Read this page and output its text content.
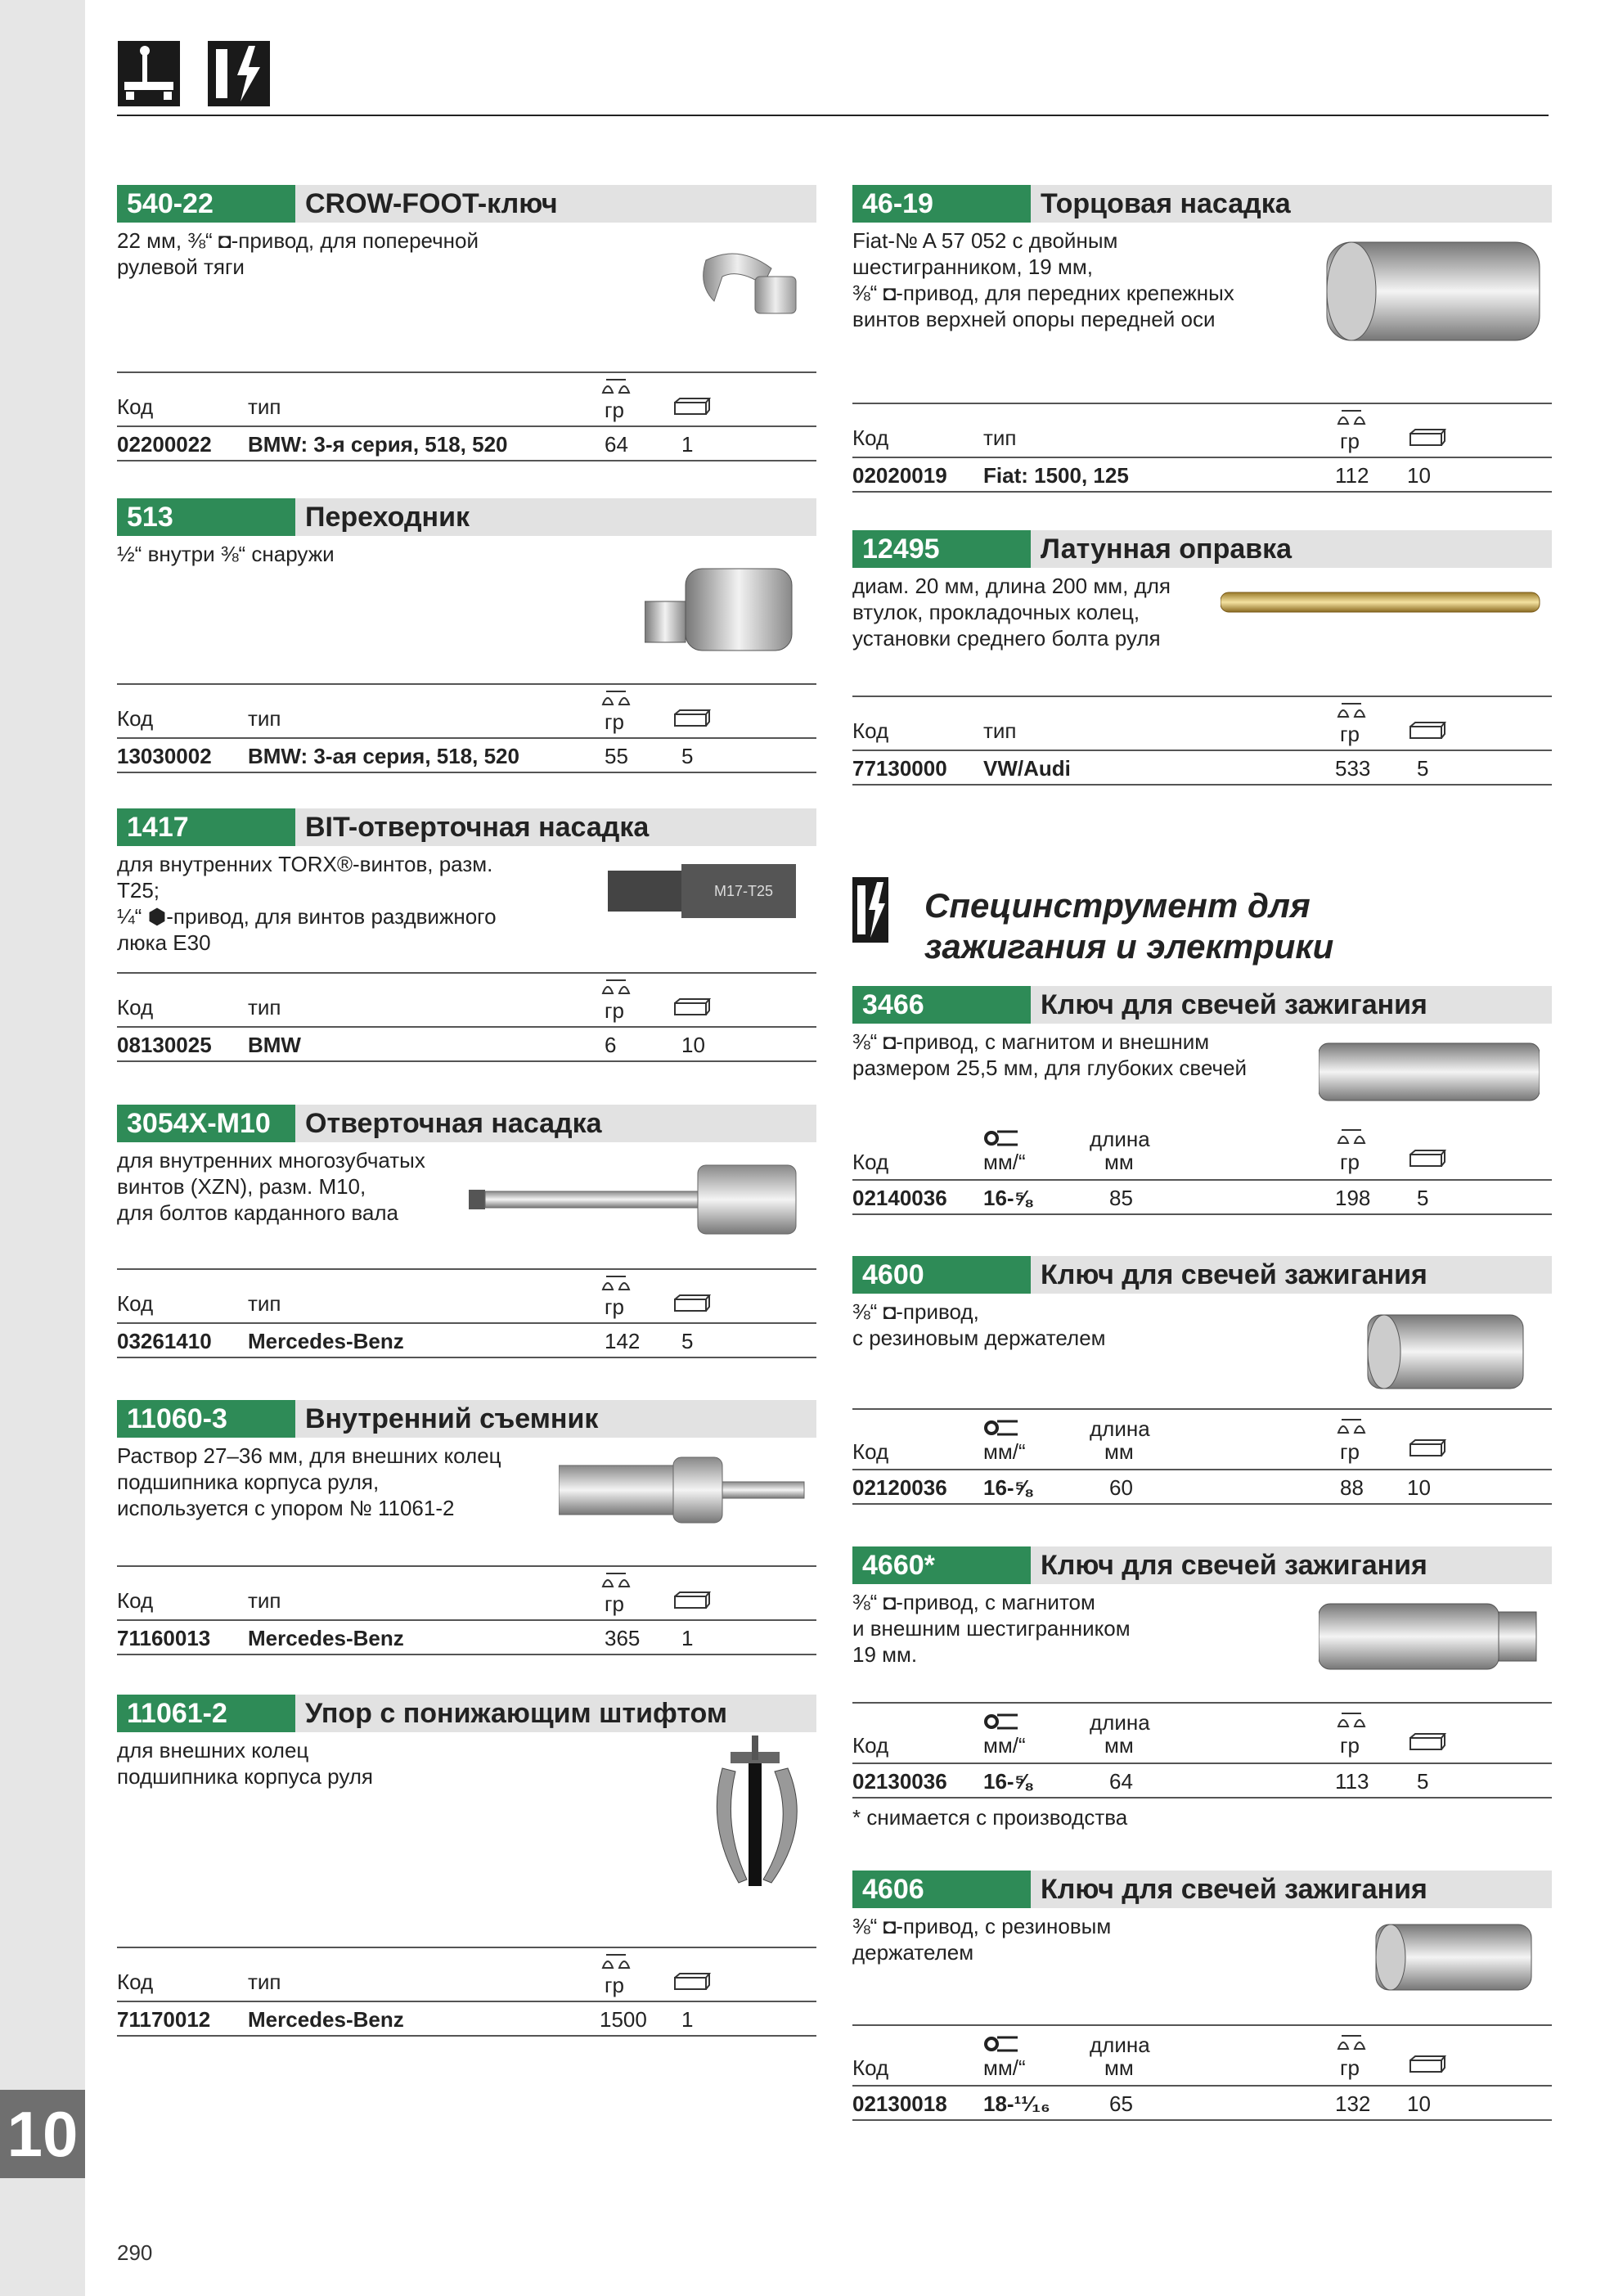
10
290
540-22	CROW-FOOT-ключ
22 мм, ⅜“ ◘-привод, для поперечной рулевой тяги
Код	тип	гр
02200022 BMW: 3-я серия, 518, 520	64	1
513	Переходник
½“ внутри ⅜“ снаружи
Код	тип	гр
13030002 BMW: 3-ая серия, 518, 520	55	5
1417	BIT-отверточная насадка
для внутренних TORX®-винтов, разм. T25;
¼“ ⬢-привод, для винтов раздвижного
люка E30
M17-T25
Код	тип	гр
08130025 BMW	6	10
3054X-M10	Отверточная насадка
для внутренних многозубчатых
винтов (XZN), разм. M10,
для болтов карданного вала
Код	тип	гр
03261410 Mercedes-Benz	142 5
11060-3	Внутренний съемник
Раствор 27–36 мм, для внешних колец
подшипника корпуса руля,
используется с упором № 11061-2
Код	тип	гр
71160013 Mercedes-Benz	365 1
11061-2	Упор с понижающим штифтом
для внешних колец
подшипника корпуса руля
Код	тип	гр
71170012 Mercedes-Benz	1500 1
46-19	Торцовая насадка
Fiat-№ A 57 052 с двойным
шестигранником, 19 мм,
⅜“ ◘-привод, для передних крепежных
винтов верхней опоры передней оси
Код	тип	гр
02020019 Fiat: 1500, 125	112 10
12495	Латунная оправка
диам. 20 мм, длина 200 мм, для
втулок, прокладочных колец,
установки среднего болта руля
Код	тип	гр
77130000 VW/Audi	533 5
Специнструмент для
зажигания и электрики
3466	Ключ для свечей зажигания
⅜“ ◘-привод, с магнитом и внешним
размером 25,5 мм, для глубоких свечей
Код	мм/“
длина
мм	гр
02140036 16-⅝	85	198 5
4600	Ключ для свечей зажигания
⅜“ ◘-привод,
с резиновым держателем
Код	мм/“
длина
мм	гр
02120036 16-⅝	60	88 10
4660*	Ключ для свечей зажигания
⅜“ ◘-привод, с магнитом
и внешним шестигранником
19 мм.
Код	мм/“
длина
мм	гр
02130036 16-⅝	64	113 5
* снимается с производства
4606	Ключ для свечей зажигания
⅜“ ◘-привод, с резиновым
держателем
Код	мм/“
длина
мм	гр
02130018 18-¹¹⁄₁₆	65	132 10
